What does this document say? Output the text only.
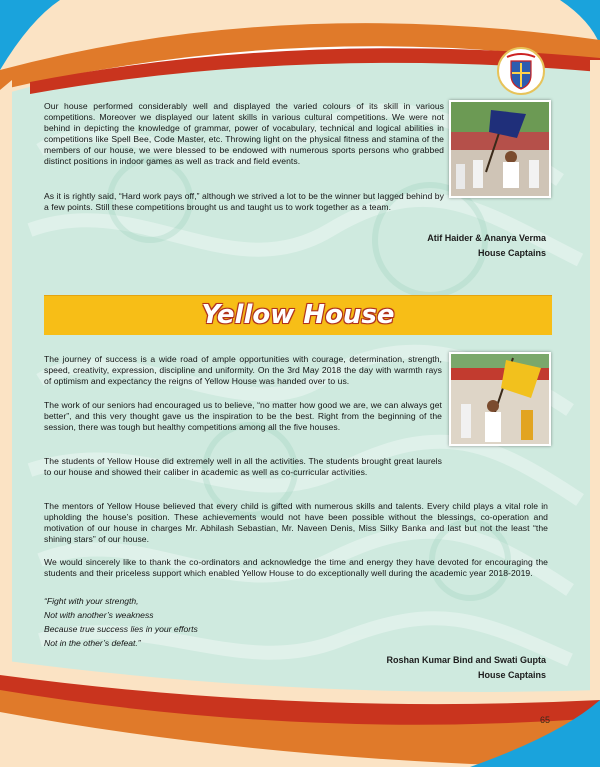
Our house performed considerably well and displayed the varied colours of its skill in various competitions. Moreover we displayed our latent skills in various cultural competitions. We were not behind in depicting the knowledge of grammar, power of vocabulary, technical and logical abilities in competitions like Spell Bee, Code Master, etc. Throwing light on the physical fitness and stamina of the members of our house, we were blessed to be endowed with numerous sports persons who grabbed distinct positions in indoor games as well as track and field events.

As it is rightly said, “Hard work pays off,” although we strived a lot to be the winner but lagged behind by a few points. Still these competitions brought us and taught us to work together as a team.

Atif Haider & Ananya Verma
House Captains
Yellow House

The journey of success is a wide road of ample opportunities with courage, determination, strength, speed, creativity, expression, discipline and uniformity. On the 3rd May 2018 the day with warmth rays of optimism and expectancy the reigns of Yellow House was handed over to us.

The work of our seniors had encouraged us to believe, “no matter how good we are, we can always get better”, and this very thought gave us the inspiration to be the best. Right from the beginning of the session, there was tough but healthy competitions among all the five houses.

The students of Yellow House did extremely well in all the activities. The students brought great laurels to our house and showed their caliber in academic as well as co-curricular activities.

The mentors of Yellow House believed that every child is gifted with numerous skills and talents. Every child plays a vital role in upholding the house’s position. These achievements would not have been possible without the blessings, co-operation and motivation of our house in charges Mr. Abhilash Sebastian, Mr. Naveen Denis, Miss Silky Banka and last but not the least “the shining stars” of our house.

We would sincerely like to thank the co-ordinators and acknowledge the time and energy they have devoted for encouraging the students and their priceless support which enabled Yellow House to do exceptionally well during the academic year 2018-2019.

“Fight with your strength,
Not with another’s weakness
Because true success lies in your efforts
Not in the other’s defeat.”
Roshan Kumar Bind and Swati Gupta
House Captains
65
